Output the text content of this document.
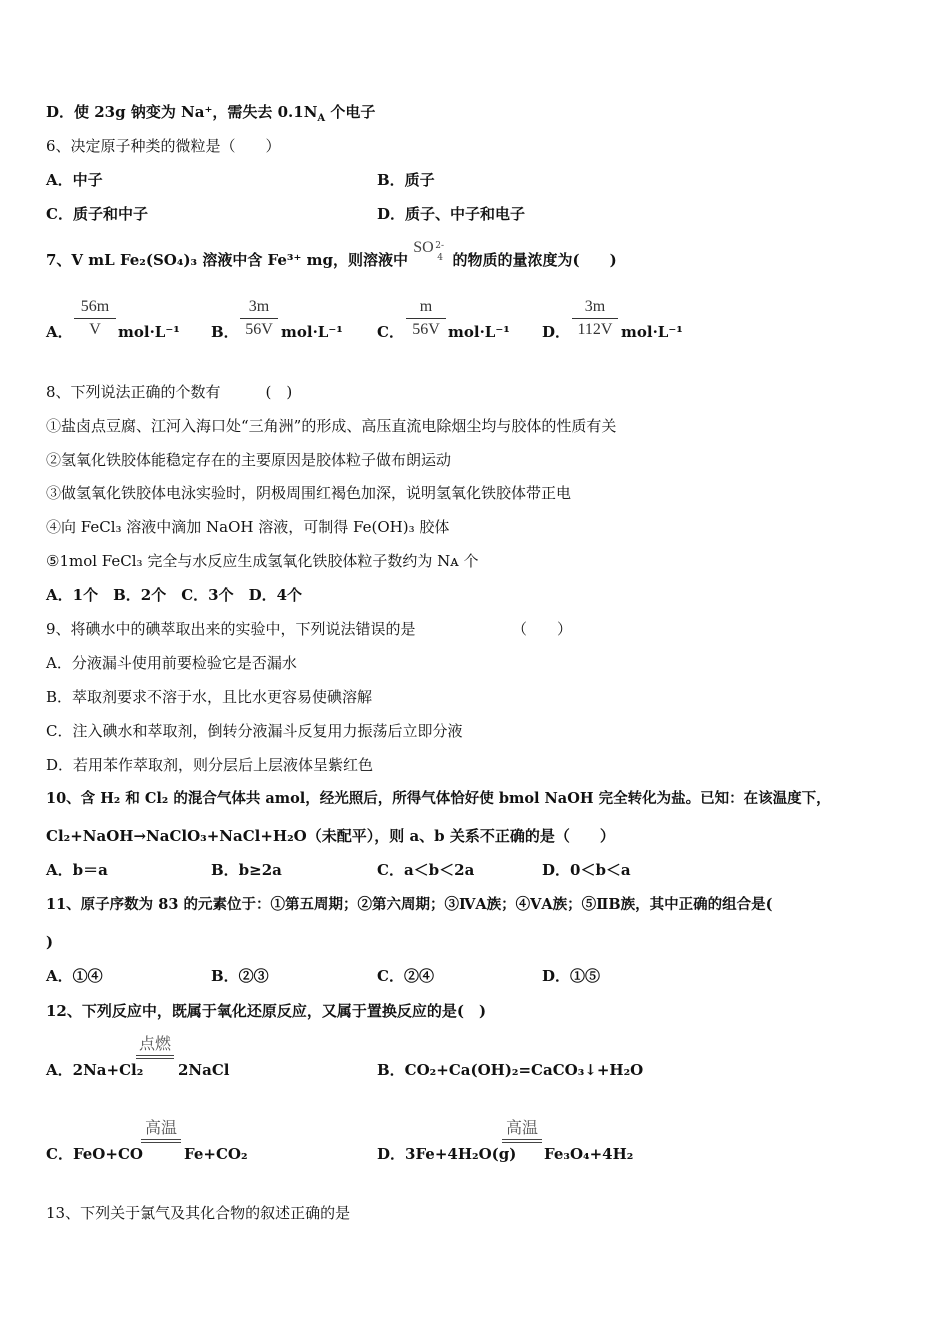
D．使 23g 钠变为 Na⁺，需失去 $0.1N_A$ 个电子
6、决定原子种类的微粒是（　　）
A．中子	B．质子
C．质子和中子	D．质子、中子和电子
7、V mL Fe₂(SO₄)₃ 溶液中含 Fe³⁺ mg，则溶液中
SO 2-
4 的物质的量浓度为(　　)
A．
56m
V	mol·L⁻¹ B．
3m
56V mol·L⁻¹ C．
m
56V mol·L⁻¹ D．
3m
112V mol·L⁻¹
8、下列说法正确的个数有　　　(　)
①盐卤点豆腐、江河入海口处“三角洲”的形成、高压直流电除烟尘均与胶体的性质有关
②氢氧化铁胶体能稳定存在的主要原因是胶体粒子做布朗运动
③做氢氧化铁胶体电泳实验时，阴极周围红褐色加深，说明氢氧化铁胶体带正电
④向 FeCl₃ 溶液中滴加 NaOH 溶液，可制得 Fe(OH)₃ 胶体
⑤1mol FeCl₃ 完全与水反应生成氢氧化铁胶体粒子数约为 Nᴀ 个
A．1个　B．2个　C．3个　D．4个
9、将碘水中的碘萃取出来的实验中，下列说法错误的是	（　　）
A．分液漏斗使用前要检验它是否漏水
B．萃取剂要求不溶于水，且比水更容易使碘溶解
C．注入碘水和萃取剂，倒转分液漏斗反复用力振荡后立即分液
D．若用苯作萃取剂，则分层后上层液体呈紫红色
10、含 H₂ 和 Cl₂ 的混合气体共 amol，经光照后，所得气体恰好使 bmol NaOH 完全转化为盐。已知：在该温度下，
Cl₂+NaOH→NaClO₃+NaCl+H₂O（未配平），则 a、b 关系不正确的是（　　）
A．b＝a	B．b≥2a	C．a＜b＜2a	D．0＜b＜a
11、原子序数为 83 的元素位于：①第五周期；②第六周期；③ⅣA族；④ⅤA族；⑤ⅡB族，其中正确的组合是(
)
A．①④	B．②③	C．②④	D．①⑤
12、下列反应中，既属于氧化还原反应，又属于置换反应的是(　)
A．2Na+Cl₂
点燃
2NaCl	B．CO₂+Ca(OH)₂=CaCO₃↓+H₂O
C．FeO+CO
高温
Fe+CO₂	D．3Fe+4H₂O(g)
高温
Fe₃O₄+4H₂
13、下列关于氯气及其化合物的叙述正确的是
